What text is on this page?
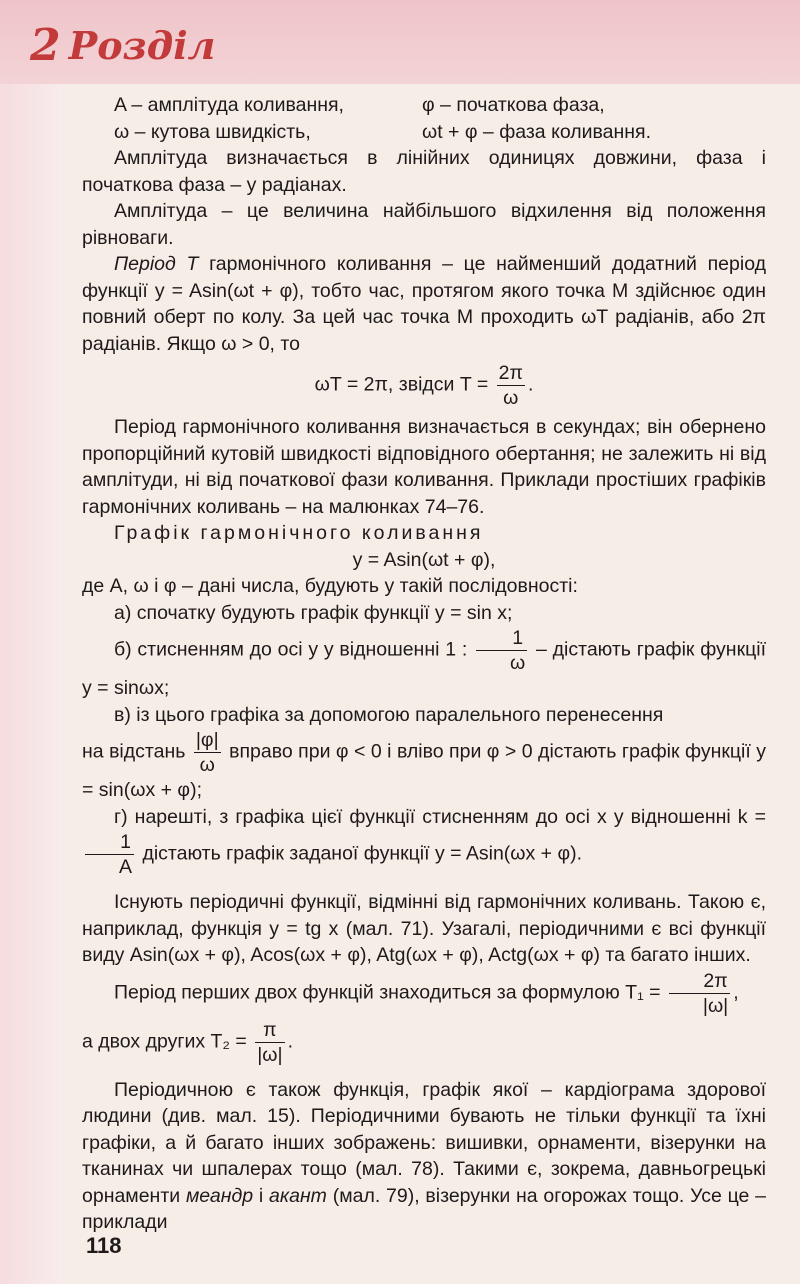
2 Розділ
A – амплітуда коливання,	φ – початкова фаза,
ω – кутова швидкість,	ωt + φ – фаза коливання.

Амплітуда визначається в лінійних одиницях довжини, фаза і початкова фаза – у радіанах.

Амплітуда – це величина найбільшого відхилення від положення рівноваги.

Період T гармонічного коливання – це найменший додатний період функції y = Asin(ωt + φ), тобто час, протягом якого точка M здійснює один повний оберт по колу. За цей час точка M проходить ωT радіанів, або 2π радіанів. Якщо ω > 0, то

ωT = 2π, звідси $T = \frac{2\pi}{\omega}$ .

Період гармонічного коливання визначається в секундах; він обернено пропорційний кутовій швидкості відповідного обертання; не залежить ні від амплітуди, ні від початкової фази коливання. Приклади простіших графіків гармонічних коливань – на малюнках 74–76.

Графік гармонічного коливання

y = Asin(ωt + φ),

де A, ω і φ – дані числа, будують у такій послідовності:

а) спочатку будують графік функції y = sin x;

б) стисненням до осі y у відношенні 1 : $\frac{1}{\omega}$ – дістають графік функції y = sinωx;

в) із цього графіка за допомогою паралельного перенесення

на відстань $\frac{|\varphi|}{\omega}$ вправо при φ < 0 і вліво при φ > 0 дістають графік функції y = sin(ωx + φ);

г) нарешті, з графіка цієї функції стисненням до осі x у відношенні k =
$\frac{1}{A}$ дістають графік заданої функції y = Asin(ωx + φ).

Існують періодичні функції, відмінні від гармонічних коливань. Такою є, наприклад, функція y = tg x (мал. 71). Узагалі, періодичними є всі функції виду Asin(ωx + φ), Acos(ωx + φ), Atg(ωx + φ), Actg(ωx + φ) та багато інших.

Період перших двох функцій знаходиться за формулою $T_1 = \frac{2\pi}{|\omega|}$ ,

а двох других $T_2 = \frac{\pi}{|\omega|}$ .

Періодичною є також функція, графік якої – кардіограма здорової людини (див. мал. 15). Періодичними бувають не тільки функції та їхні графіки, а й багато інших зображень: вишивки, орнаменти, візерунки на тканинах чи шпалерах тощо (мал. 78). Такими є, зокрема, давньогрецькі орнаменти меандр і акант (мал. 79), візерунки на огорожах тощо. Усе це – приклади

118
